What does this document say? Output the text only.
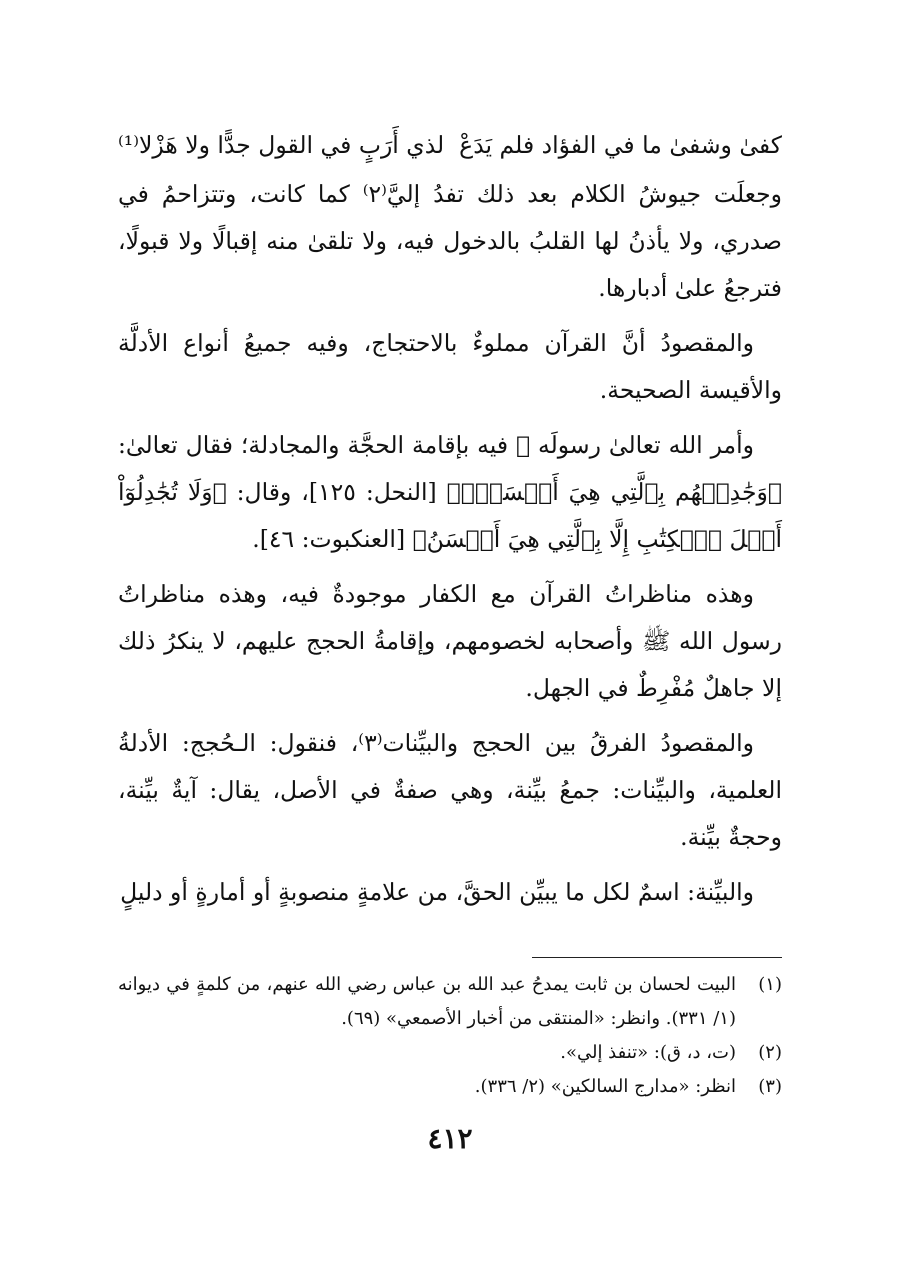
كفىٰ وشفىٰ ما في الفؤاد فلم يَدَعْ
لذي أَرَبٍ في القول جدًّا ولا هَزْلا⁽¹⁾

وجعلَت جيوشُ الكلام بعد ذلك تفدُ إليَّ⁽٢⁾ كما كانت، وتتزاحمُ في صدري، ولا يأذنُ لها القلبُ بالدخول فيه، ولا تلقىٰ منه إقبالًا ولا قبولًا، فترجعُ علىٰ أدبارها.

والمقصودُ أنَّ القرآن مملوءٌ بالاحتجاج، وفيه جميعُ أنواع الأدلَّة والأقيسة الصحيحة.

وأمر الله تعالىٰ رسولَه ﷺ فيه بإقامة الحجَّة والمجادلة؛ فقال تعالىٰ: ﴿وَجَٰدِلۡهُم بِٱلَّتِي هِيَ أَحۡسَنُۚ﴾ [النحل: ١٢٥]، وقال: ﴿وَلَا تُجَٰدِلُوٓاْ أَهۡلَ ٱلۡكِتَٰبِ إِلَّا بِٱلَّتِي هِيَ أَحۡسَنُ﴾ [العنكبوت: ٤٦].

وهذه مناظراتُ القرآن مع الكفار موجودةٌ فيه، وهذه مناظراتُ رسول الله ﷺ وأصحابه لخصومهم، وإقامةُ الحجج عليهم، لا ينكرُ ذلك إلا جاهلٌ مُفْرِطٌ في الجهل.

والمقصودُ الفرقُ بين الحجج والبيِّنات⁽٣⁾، فنقول: الـحُجج: الأدلةُ العلمية، والبيِّنات: جمعُ بيِّنة، وهي صفةٌ في الأصل، يقال: آيةٌ بيِّنة، وحجةٌ بيِّنة.

والبيِّنة: اسمٌ لكل ما يبيِّن الحقَّ، من علامةٍ منصوبةٍ أو أمارةٍ أو دليلٍ

(١)
البيت لحسان بن ثابت يمدحُ عبد الله بن عباس رضي الله عنهم، من كلمةٍ في ديوانه (١/ ٣٣١). وانظر: «المنتقى من أخبار الأصمعي» (٦٩).
(٢)
(ت، د، ق): «تنفذ إلي».
(٣)
انظر: «مدارج السالكين» (٢/ ٣٣٦).
٤١٢
